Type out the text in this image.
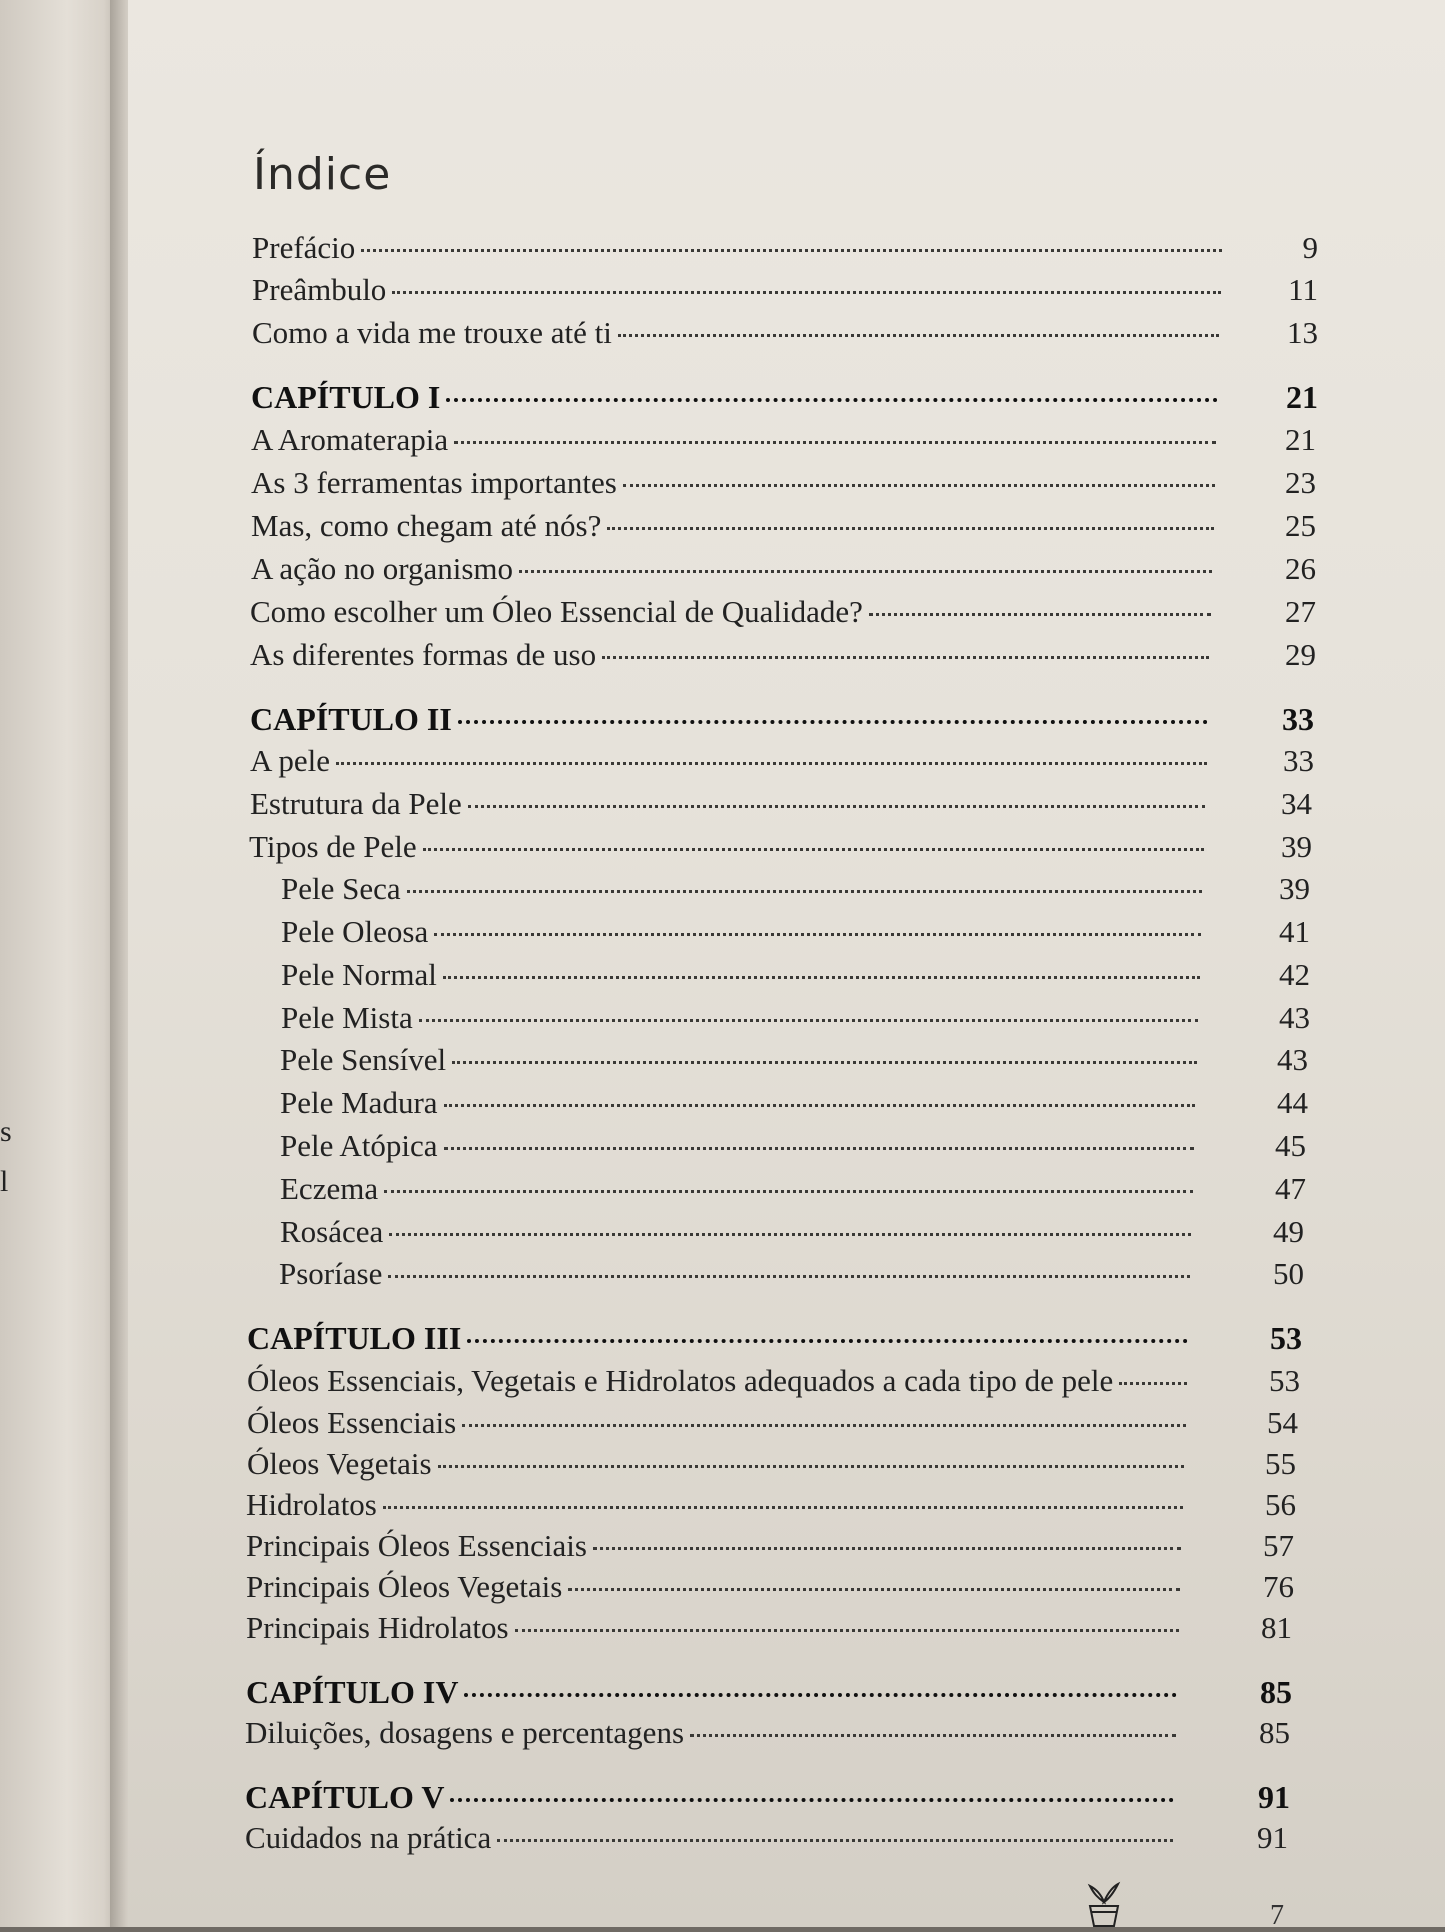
s
l
Índice
Prefácio	9
Preâmbulo	11
Como a vida me trouxe até ti	13
CAPÍTULO I	21
A Aromaterapia	21
As 3 ferramentas importantes	23
Mas, como chegam até nós?	25
A ação no organismo	26
Como escolher um Óleo Essencial de Qualidade?	27
As diferentes formas de uso	29
CAPÍTULO II	33
A pele	33
Estrutura da Pele	34
Tipos de Pele	39
Pele Seca	39
Pele Oleosa	41
Pele Normal	42
Pele Mista	43
Pele Sensível	43
Pele Madura	44
Pele Atópica	45
Eczema	47
Rosácea	49
Psoríase	50
CAPÍTULO III	53
Óleos Essenciais, Vegetais e Hidrolatos adequados a cada tipo de pele	53
Óleos Essenciais	54
Óleos Vegetais	55
Hidrolatos	56
Principais Óleos Essenciais	57
Principais Óleos Vegetais	76
Principais Hidrolatos	81
CAPÍTULO IV	85
Diluições, dosagens e percentagens	85
CAPÍTULO V	91
Cuidados na prática	91
7
